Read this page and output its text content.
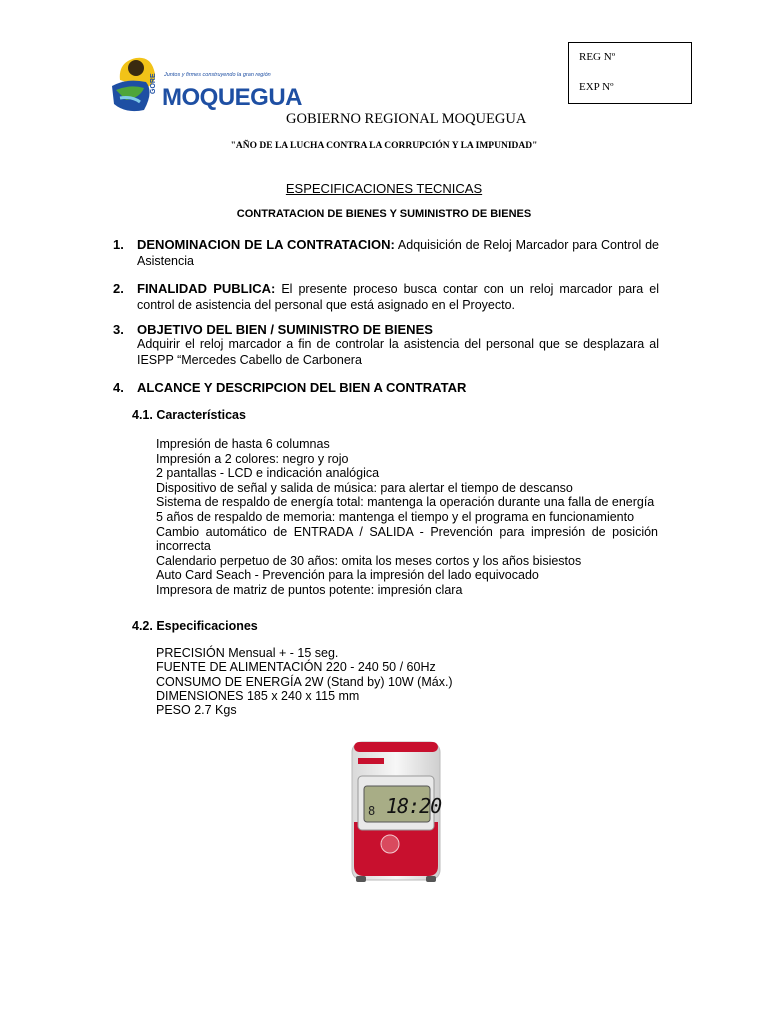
Juntos y firmes construyendo la gran región
GORE
MOQUEGUA
REG Nº
EXP Nº
GOBIERNO REGIONAL MOQUEGUA
"AÑO DE LA LUCHA CONTRA LA CORRUPCIÓN Y LA IMPUNIDAD"
ESPECIFICACIONES TECNICAS
CONTRATACION DE BIENES Y SUMINISTRO DE BIENES
1. DENOMINACION DE LA CONTRATACION: Adquisición de Reloj Marcador para Control de Asistencia
2. FINALIDAD PUBLICA: El presente proceso busca contar con un reloj marcador para el control de asistencia del personal que está asignado en el Proyecto.
3. OBJETIVO DEL BIEN / SUMINISTRO DE BIENES
Adquirir el reloj marcador a fin de controlar la asistencia del personal que se desplazara al IESPP “Mercedes Cabello de Carbonera
4. ALCANCE Y DESCRIPCION DEL BIEN A CONTRATAR
4.1. Características
Impresión de hasta 6 columnas
Impresión a 2 colores: negro y rojo
2 pantallas - LCD e indicación analógica
Dispositivo de señal y salida de música: para alertar el tiempo de descanso
Sistema de respaldo de energía total: mantenga la operación durante una falla de energía
5 años de respaldo de memoria: mantenga el tiempo y el programa en funcionamiento
Cambio automático de ENTRADA / SALIDA - Prevención para impresión de posición incorrecta
Calendario perpetuo de 30 años: omita los meses cortos y los años bisiestos
Auto Card Seach - Prevención para la impresión del lado equivocado
Impresora de matriz de puntos potente: impresión clara
4.2. Especificaciones
PRECISIÓN Mensual + - 15 seg.
FUENTE DE ALIMENTACIÓN 220 - 240 50 / 60Hz
CONSUMO DE ENERGÍA 2W (Stand by) 10W (Máx.)
DIMENSIONES 185 x 240 x 115 mm
PESO 2.7 Kgs
8 18:20
